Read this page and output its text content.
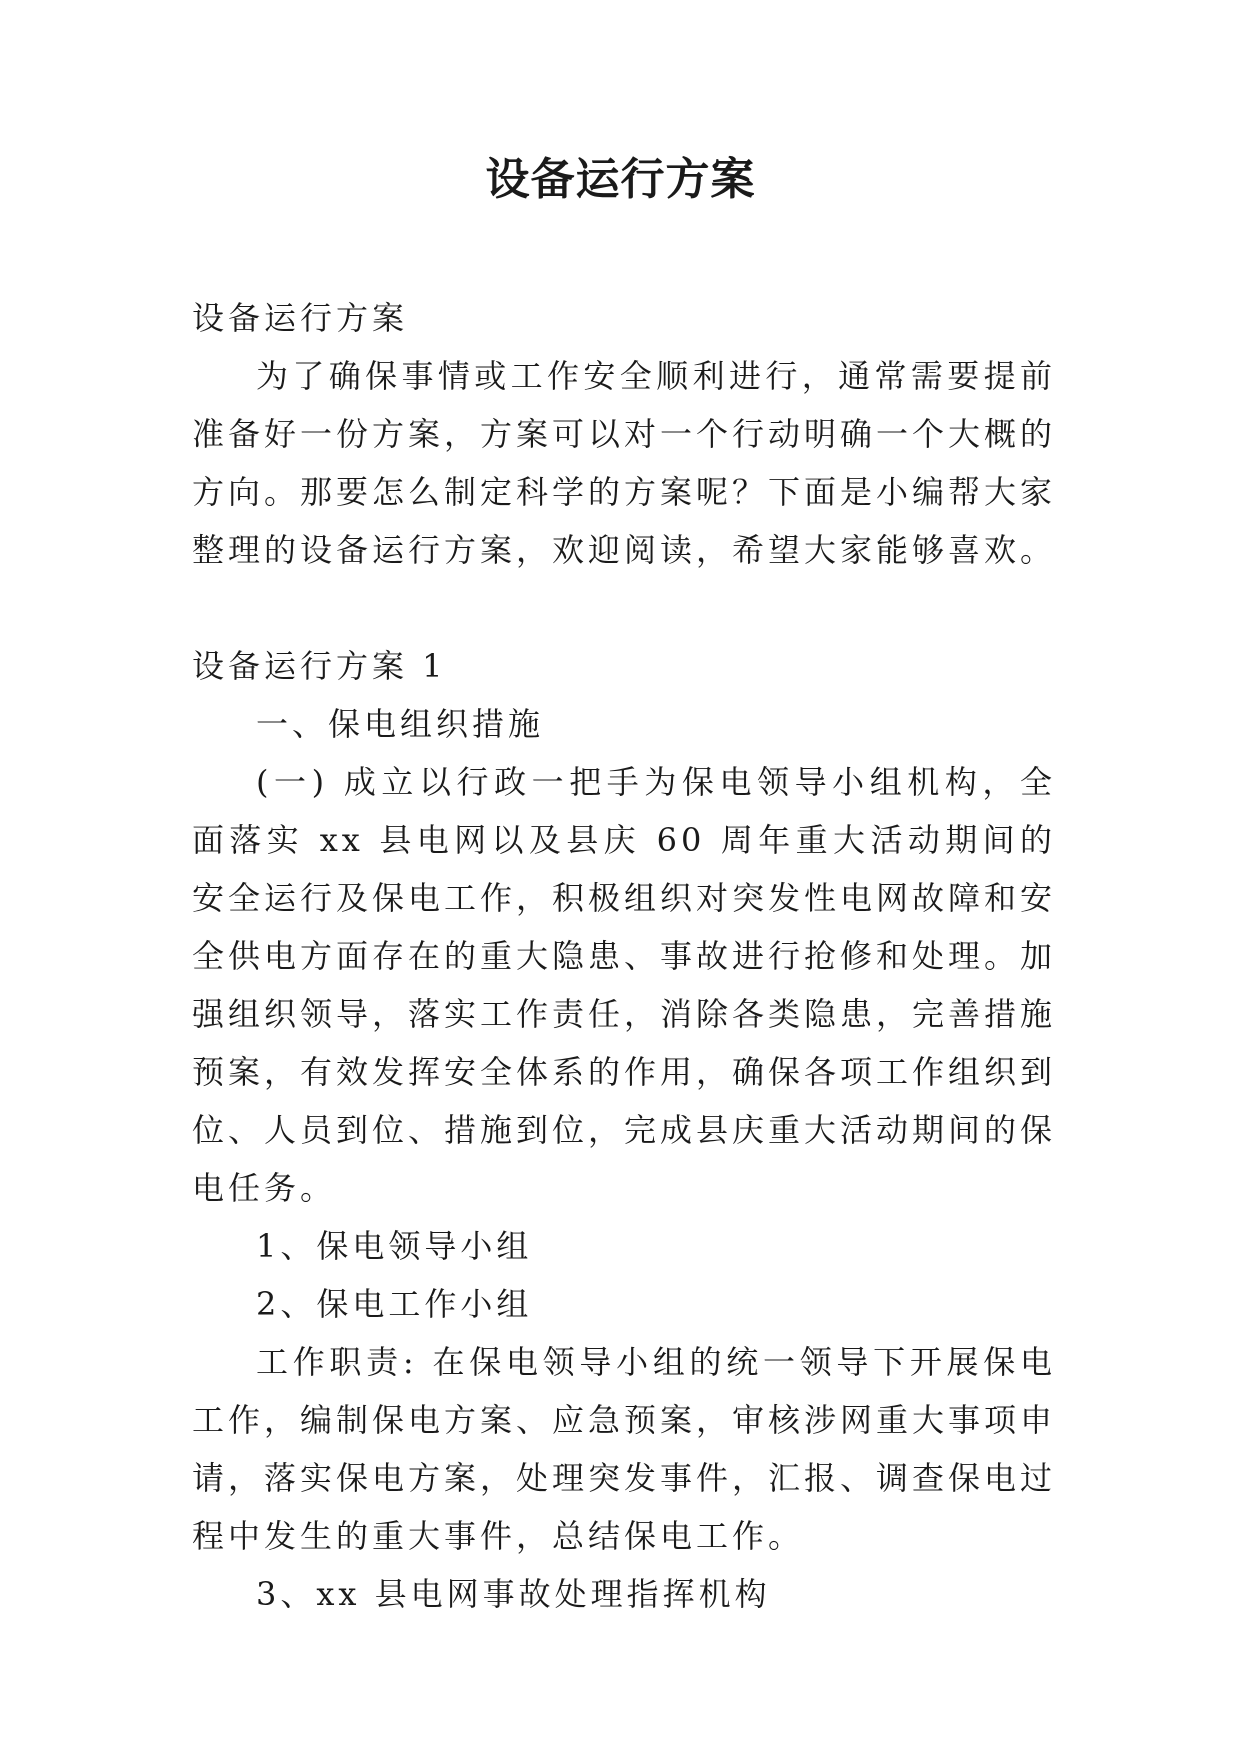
设备运行方案

设备运行方案

为了确保事情或工作安全顺利进行，通常需要提前准备好一份方案，方案可以对一个行动明确一个大概的方向。那要怎么制定科学的方案呢？下面是小编帮大家整理的设备运行方案，欢迎阅读，希望大家能够喜欢。

设备运行方案 1

一、保电组织措施

(一) 成立以行政一把手为保电领导小组机构，全面落实 xx 县电网以及县庆 60 周年重大活动期间的安全运行及保电工作，积极组织对突发性电网故障和安全供电方面存在的重大隐患、事故进行抢修和处理。加强组织领导，落实工作责任，消除各类隐患，完善措施预案，有效发挥安全体系的作用，确保各项工作组织到位、人员到位、措施到位，完成县庆重大活动期间的保电任务。

1、保电领导小组

2、保电工作小组

工作职责: 在保电领导小组的统一领导下开展保电工作，编制保电方案、应急预案，审核涉网重大事项申请，落实保电方案，处理突发事件，汇报、调查保电过程中发生的重大事件，总结保电工作。

3、xx 县电网事故处理指挥机构
